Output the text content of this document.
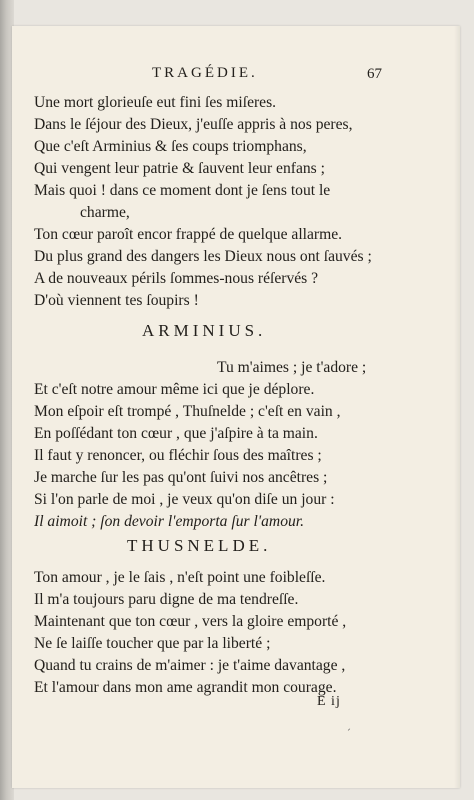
TRAGÉDIE.	67

Une mort glorieuſe eut fini ſes miſeres.

Dans le ſéjour des Dieux, j'euſſe appris à nos peres,

Que c'eſt Arminius & ſes coups triomphans,

Qui vengent leur patrie & ſauvent leur enfans ;

Mais quoi ! dans ce moment dont je ſens tout le

charme,

Ton cœur paroît encor frappé de quelque allarme.

Du plus grand des dangers les Dieux nous ont ſauvés ;

A de nouveaux périls ſommes-nous réſervés ?

D'où viennent tes ſoupirs !

ARMINIUS.

Tu m'aimes ; je t'adore ;

Et c'eſt notre amour même ici que je déplore.

Mon eſpoir eſt trompé , Thuſnelde ; c'eſt en vain ,

En poſſédant ton cœur , que j'aſpire à ta main.

Il faut y renoncer, ou fléchir ſous des maîtres ;

Je marche ſur les pas qu'ont ſuivi nos ancêtres ;

Si l'on parle de moi , je veux qu'on diſe un jour :

Il aimoit ; ſon devoir l'emporta ſur l'amour.

THUSNELDE.

Ton amour , je le ſais , n'eſt point une foibleſſe.

Il m'a toujours paru digne de ma tendreſſe.

Maintenant que ton cœur , vers la gloire emporté ,

Ne ſe laiſſe toucher que par la liberté ;

Quand tu crains de m'aimer : je t'aime davantage ,

Et l'amour dans mon ame agrandit mon courage.

E ij

ˏ
